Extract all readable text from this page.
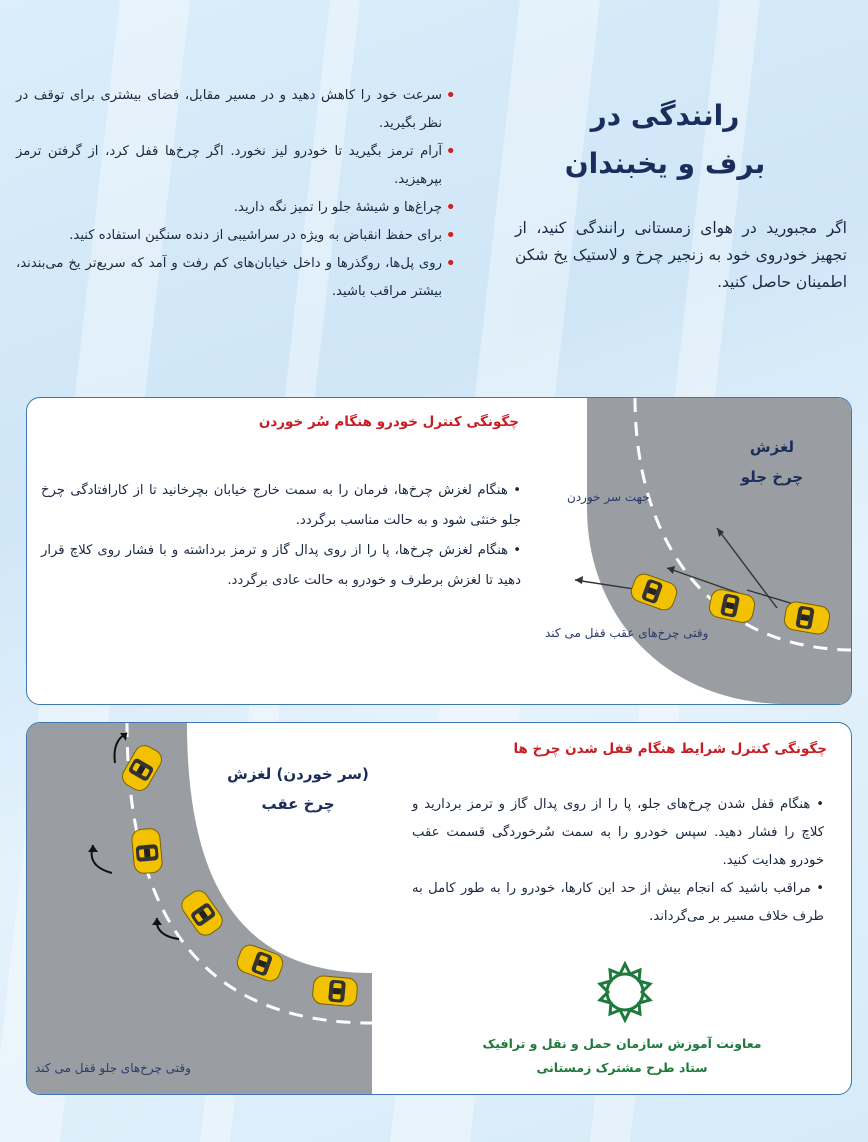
رانندگی در
برف و یخبندان
اگر مجبورید در هوای زمستانی رانندگی کنید، از تجهیز خودروی خود به زنجیر چرخ و لاستیک یخ شکن اطمینان حاصل کنید.
• سرعت خود را کاهش دهید و در مسیر مقابل، فضای بیشتری برای توقف در نظر بگیرید.
• آرام ترمز بگیرید تا خودرو لیز نخورد. اگر چرخ‌ها قفل کرد، از گرفتن ترمز بپرهیزید.
• چراغ‌ها و شیشهٔ جلو را تمیز نگه دارید.
• برای حفظ انقباض به ویژه در سراشیبی از دنده سنگین استفاده کنید.
• روی پل‌ها، روگذرها و داخل خیابان‌های کم رفت و آمد که سریع‌تر یخ می‌بندند، بیشتر مراقب باشید.
چگونگی کنترل خودرو هنگام سُر خوردن
لغزش
چرخ جلو
جهت سر خوردن
وقتی چرخ‌های عقب قفل می کند

• هنگام لغزش چرخ‌ها، فرمان را به سمت خارج خیابان بچرخانید تا از کارافتادگی چرخ جلو خنثی شود و به حالت مناسب برگردد.

• هنگام لغزش چرخ‌ها، پا را از روی پدال گاز و ترمز برداشته و با فشار روی کلاچ قرار دهید تا لغزش برطرف و خودرو به حالت عادی برگردد.

(سر خوردن) لغزش
چرخ عقب
چگونگی کنترل شرایط هنگام قفل شدن چرخ ها

• هنگام قفل شدن چرخ‌های جلو، پا را از روی پدال گاز و ترمز بردارید و کلاچ را فشار دهید. سپس خودرو را به سمت سُرخوردگی قسمت عقب خودرو هدایت کنید.

• مراقب باشید که انجام بیش از حد این کارها، خودرو را به طور کامل به طرف خلاف مسیر بر می‌گرداند.

وقتی چرخ‌های جلو قفل می کند
معاونت آموزش سازمان حمل و نقل و ترافیک
ستاد طرح مشترک زمستانی
